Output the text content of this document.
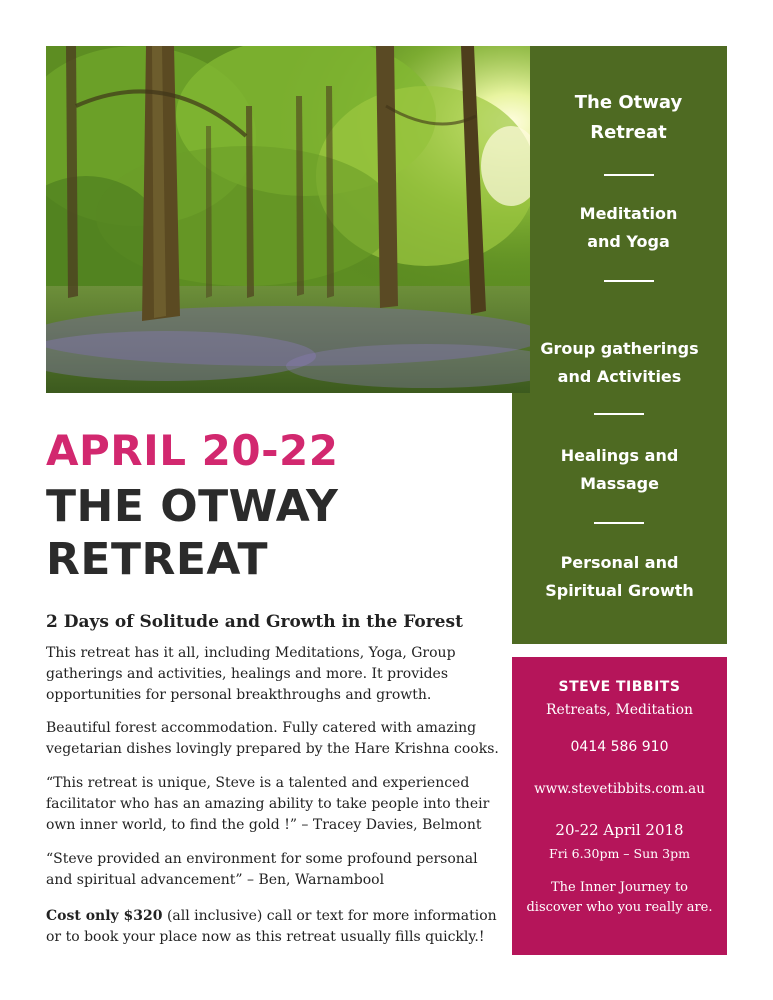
The Otway
Retreat
Meditation
and Yoga
Group gatherings
and Activities
Healings and
Massage
Personal and
Spiritual Growth
APRIL 20-22
THE OTWAY
RETREAT
2 Days of Solitude and Growth in the Forest
This retreat has it all, including Meditations, Yoga, Group gatherings and activities, healings and more. It provides opportunities for personal breakthroughs and growth.
Beautiful forest accommodation. Fully catered with amazing vegetarian dishes lovingly prepared by the Hare Krishna cooks.
“This retreat is unique, Steve is a talented and experienced facilitator who has an amazing ability to take people into their own inner world, to find the gold !” – Tracey Davies, Belmont
“Steve provided an environment for some profound personal and spiritual advancement” – Ben, Warnambool
Cost only $320 (all inclusive) call or text for more information or to book your place now as this retreat usually fills quickly.!
STEVE TIBBITS
Retreats, Meditation
0414 586 910
www.stevetibbits.com.au
20-22 April 2018
Fri 6.30pm – Sun 3pm
The Inner Journey to discover who you really are.
